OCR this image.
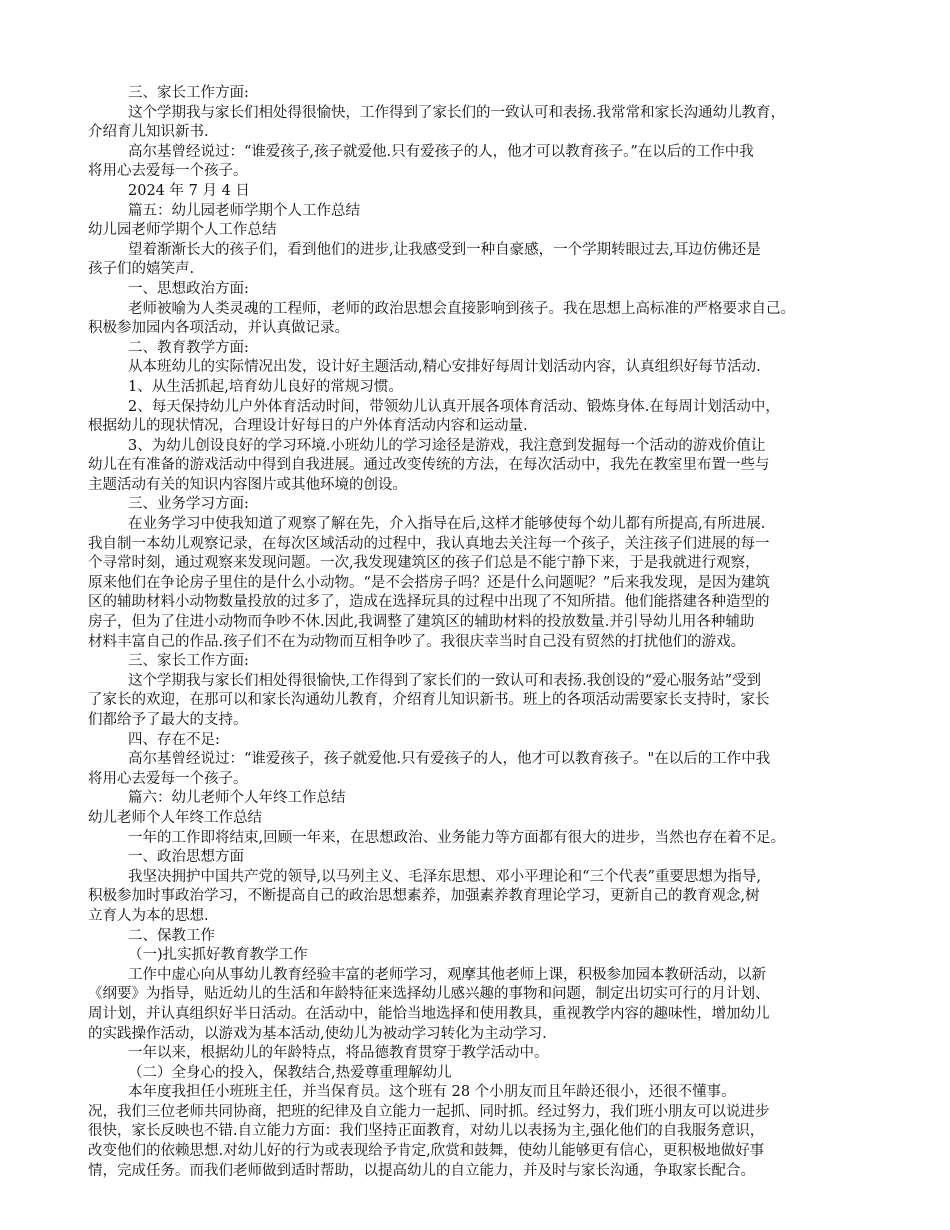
三、家长工作方面:
这个学期我与家长们相处得很愉快，工作得到了家长们的一致认可和表扬.我常常和家长沟通幼儿教育，
介绍育儿知识新书.
高尔基曾经说过：“谁爱孩子,孩子就爱他.只有爱孩子的人，他才可以教育孩子。”在以后的工作中我
将用心去爱每一个孩子。
2024 年 7 月 4 日
篇五：幼儿园老师学期个人工作总结
幼儿园老师学期个人工作总结
望着渐渐长大的孩子们，看到他们的进步,让我感受到一种自豪感，一个学期转眼过去,耳边仿佛还是
孩子们的嬉笑声.
一、思想政治方面:
老师被喻为人类灵魂的工程师，老师的政治思想会直接影响到孩子。我在思想上高标准的严格要求自己。
积极参加园内各项活动，并认真做记录。
二、教育教学方面:
从本班幼儿的实际情况出发，设计好主题活动,精心安排好每周计划活动内容，认真组织好每节活动.
1、从生活抓起,培育幼儿良好的常规习惯。
2、每天保持幼儿户外体育活动时间，带领幼儿认真开展各项体育活动、锻炼身体.在每周计划活动中，
根据幼儿的现状情况，合理设计好每日的户外体育活动内容和运动量.
3、为幼儿创设良好的学习环境.小班幼儿的学习途径是游戏，我注意到发掘每一个活动的游戏价值让
幼儿在有准备的游戏活动中得到自我进展。通过改变传统的方法，在每次活动中，我先在教室里布置一些与
主题活动有关的知识内容图片或其他环境的创设。
三、业务学习方面:
在业务学习中使我知道了观察了解在先，介入指导在后,这样才能够使每个幼儿都有所提高,有所进展.
我自制一本幼儿观察记录，在每次区域活动的过程中，我认真地去关注每一个孩子，关注孩子们进展的每一
个寻常时刻，通过观察来发现问题。一次,我发现建筑区的孩子们总是不能宁静下来，于是我就进行观察，
原来他们在争论房子里住的是什么小动物。“是不会搭房子吗？还是什么问题呢？”后来我发现，是因为建筑
区的辅助材料小动物数量投放的过多了，造成在选择玩具的过程中出现了不知所措。他们能搭建各种造型的
房子，但为了住进小动物而争吵不休.因此,我调整了建筑区的辅助材料的投放数量.并引导幼儿用各种辅助
材料丰富自己的作品.孩子们不在为动物而互相争吵了。我很庆幸当时自己没有贸然的打扰他们的游戏。
三、家长工作方面:
这个学期我与家长们相处得很愉快,工作得到了家长们的一致认可和表扬.我创设的“爱心服务站”受到
了家长的欢迎，在那可以和家长沟通幼儿教育，介绍育儿知识新书。班上的各项活动需要家长支持时，家长
们都给予了最大的支持。
四、存在不足:
高尔基曾经说过：“谁爱孩子，孩子就爱他.只有爱孩子的人，他才可以教育孩子。"在以后的工作中我
将用心去爱每一个孩子。
篇六：幼儿老师个人年终工作总结
幼儿老师个人年终工作总结
一年的工作即将结束,回顾一年来，在思想政治、业务能力等方面都有很大的进步，当然也存在着不足。
一、政治思想方面
我坚决拥护中国共产党的领导,以马列主义、毛泽东思想、邓小平理论和“三个代表”重要思想为指导,
积极参加时事政治学习，不断提高自己的政治思想素养，加强素养教育理论学习，更新自己的教育观念,树
立育人为本的思想.
二、保教工作
（一)扎实抓好教育教学工作
工作中虚心向从事幼儿教育经验丰富的老师学习，观摩其他老师上课，积极参加园本教研活动，以新
《纲要》为指导，贴近幼儿的生活和年龄特征来选择幼儿感兴趣的事物和问题，制定出切实可行的月计划、
周计划，并认真组织好半日活动。在活动中，能恰当地选择和使用教具，重视教学内容的趣味性，增加幼儿
的实践操作活动，以游戏为基本活动,使幼儿为被动学习转化为主动学习.
一年以来，根据幼儿的年龄特点，将品德教育贯穿于教学活动中。
（二）全身心的投入，保教结合,热爱尊重理解幼儿
本年度我担任小班班主任，并当保育员。这个班有 28 个小朋友而且年龄还很小，还很不懂事。
况，我们三位老师共同协商，把班的纪律及自立能力一起抓、同时抓。经过努力，我们班小朋友可以说进步
很快，家长反映也不错.自立能力方面：我们坚持正面教育，对幼儿以表扬为主,强化他们的自我服务意识，
改变他们的依赖思想.对幼儿好的行为或表现给予肯定,欣赏和鼓舞，使幼儿能够更有信心，更积极地做好事
情，完成任务。而我们老师做到适时帮助，以提高幼儿的自立能力，并及时与家长沟通，争取家长配合。
